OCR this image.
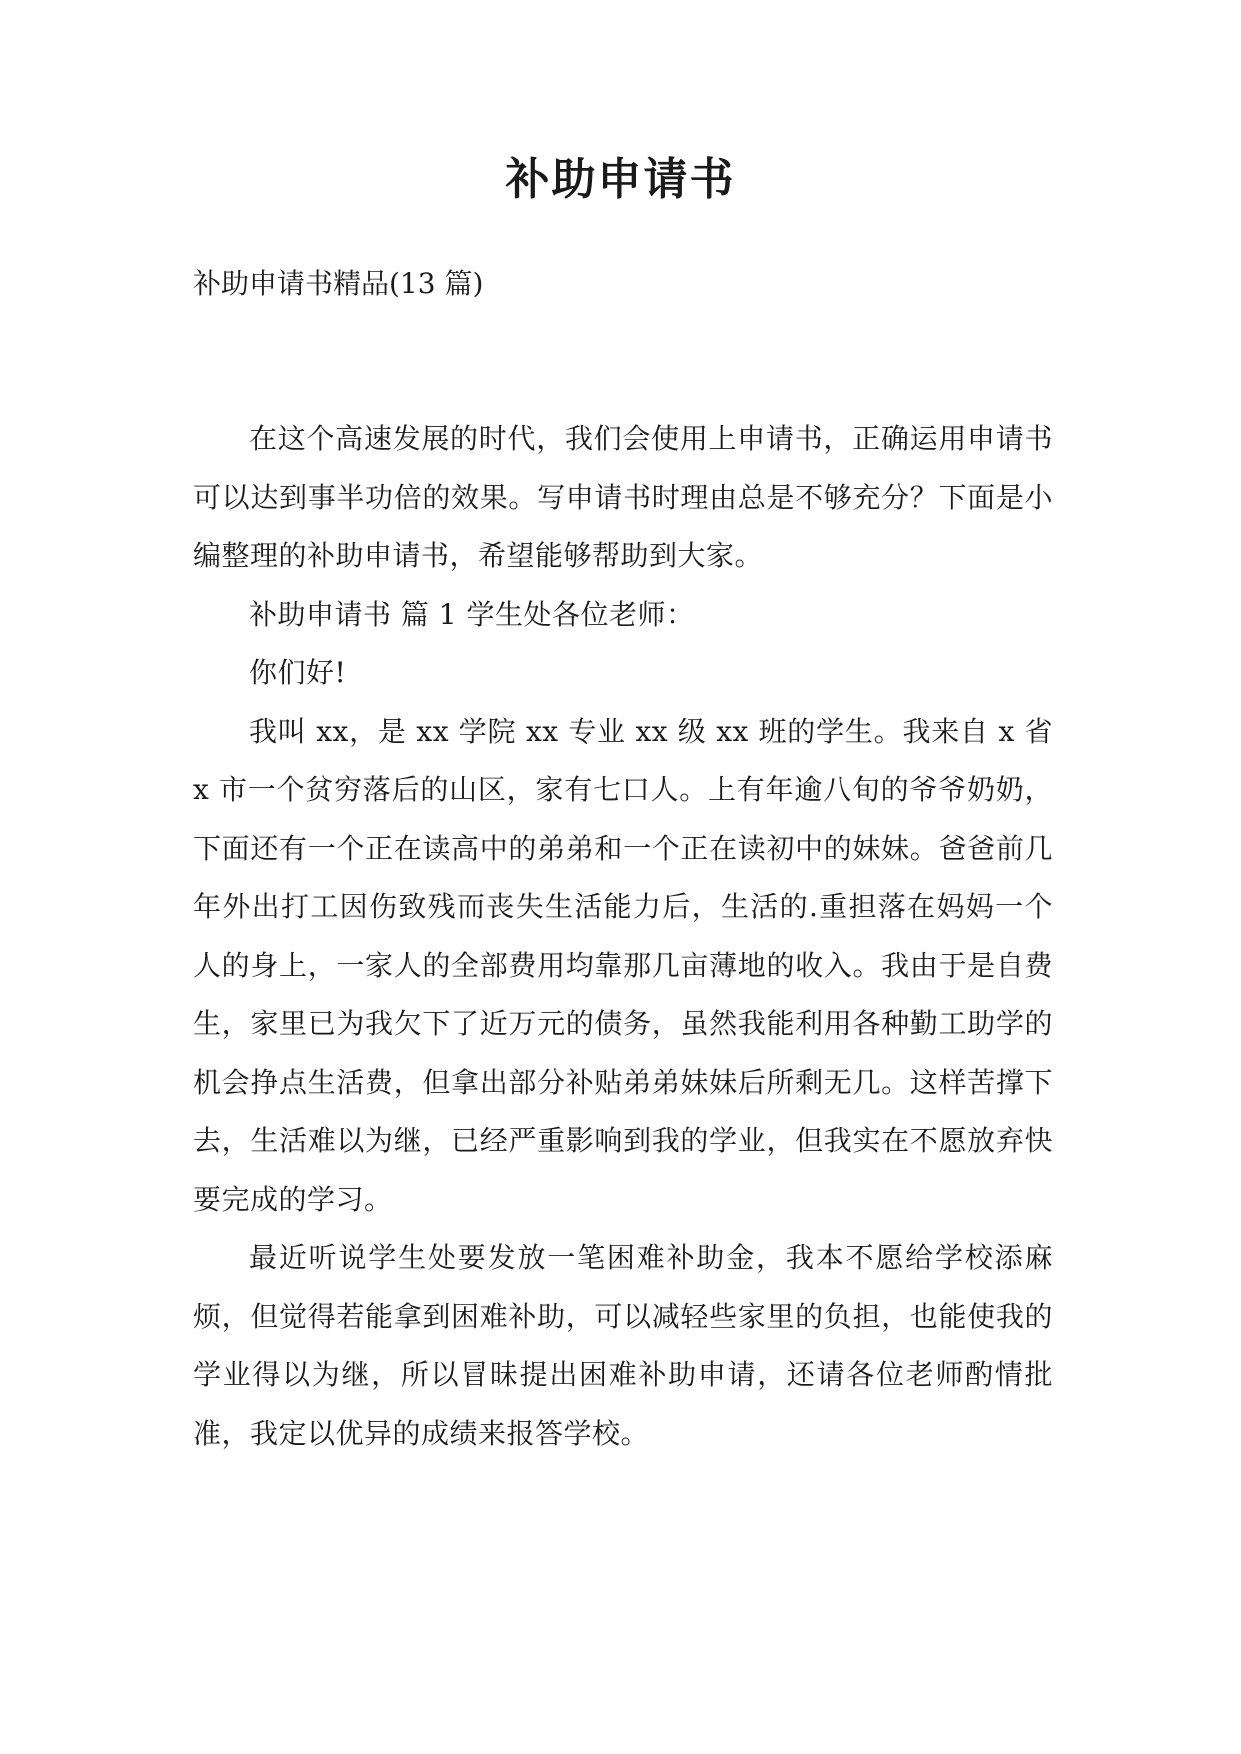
补助申请书

补助申请书精品(13 篇)

在这个高速发展的时代，我们会使用上申请书，正确运用申请书可以达到事半功倍的效果。写申请书时理由总是不够充分？下面是小编整理的补助申请书，希望能够帮助到大家。

补助申请书 篇 1 学生处各位老师：

你们好!

我叫 xx，是 xx 学院 xx 专业 xx 级 xx 班的学生。我来自 x 省 x 市一个贫穷落后的山区，家有七口人。上有年逾八旬的爷爷奶奶，下面还有一个正在读高中的弟弟和一个正在读初中的妹妹。爸爸前几年外出打工因伤致残而丧失生活能力后，生活的.重担落在妈妈一个人的身上，一家人的全部费用均靠那几亩薄地的收入。我由于是自费生，家里已为我欠下了近万元的债务，虽然我能利用各种勤工助学的机会挣点生活费，但拿出部分补贴弟弟妹妹后所剩无几。这样苦撑下去，生活难以为继，已经严重影响到我的学业，但我实在不愿放弃快要完成的学习。

最近听说学生处要发放一笔困难补助金，我本不愿给学校添麻烦，但觉得若能拿到困难补助，可以减轻些家里的负担，也能使我的学业得以为继，所以冒昧提出困难补助申请，还请各位老师酌情批准，我定以优异的成绩来报答学校。
